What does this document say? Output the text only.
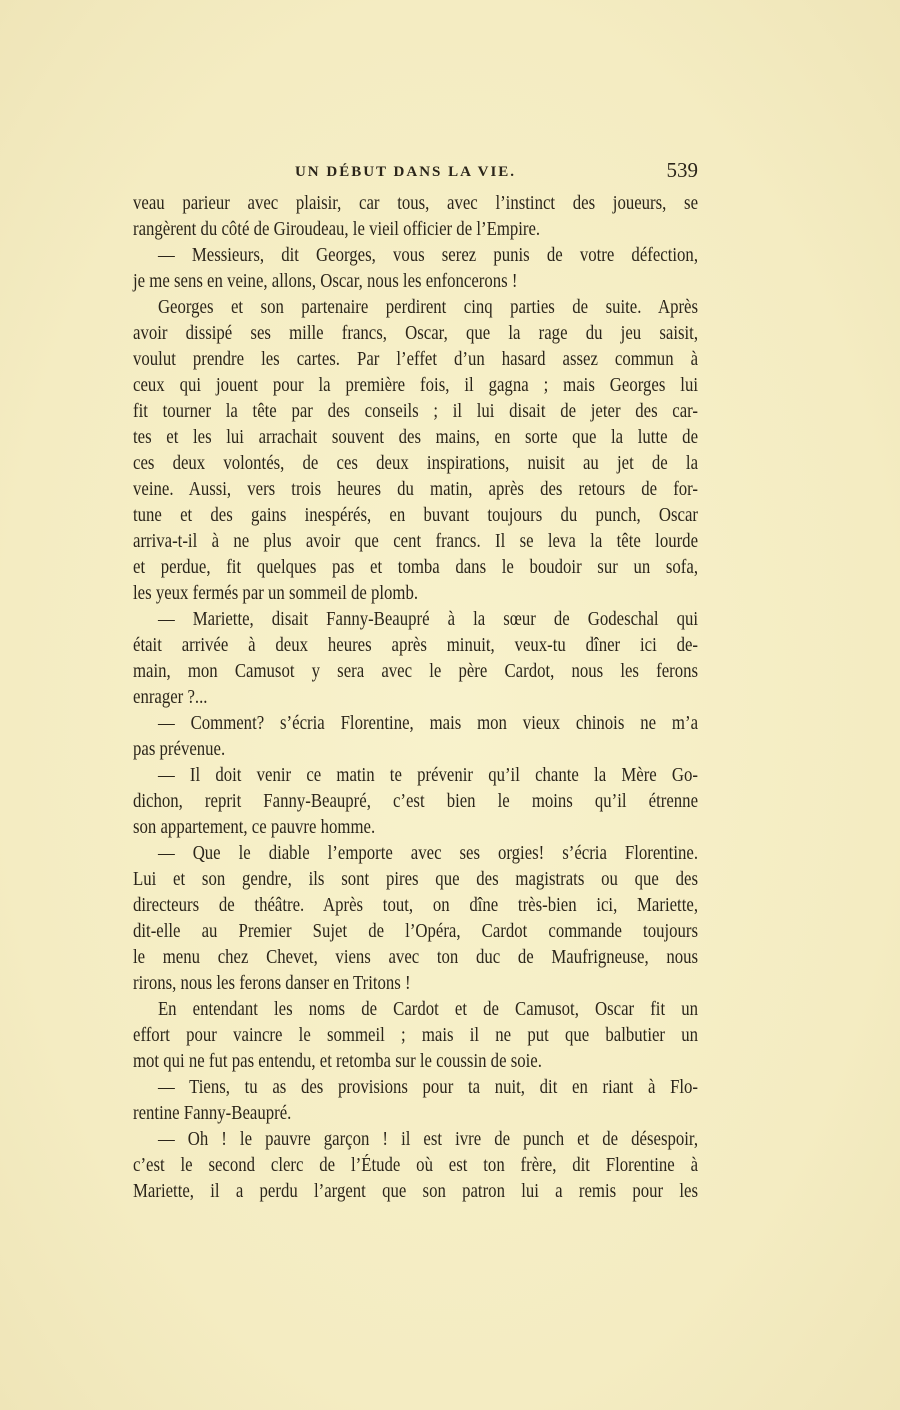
UN DÉBUT DANS LA VIE.	539
veau parieur avec plaisir, car tous, avec l’instinct des joueurs, se
rangèrent du côté de Giroudeau, le vieil officier de l’Empire.
— Messieurs, dit Georges, vous serez punis de votre défection,
je me sens en veine, allons, Oscar, nous les enfoncerons !
Georges et son partenaire perdirent cinq parties de suite. Après
avoir dissipé ses mille francs, Oscar, que la rage du jeu saisit,
voulut prendre les cartes. Par l’effet d’un hasard assez commun à
ceux qui jouent pour la première fois, il gagna ; mais Georges lui
fit tourner la tête par des conseils ; il lui disait de jeter des car-
tes et les lui arrachait souvent des mains, en sorte que la lutte de
ces deux volontés, de ces deux inspirations, nuisit au jet de la
veine. Aussi, vers trois heures du matin, après des retours de for-
tune et des gains inespérés, en buvant toujours du punch, Oscar
arriva-t-il à ne plus avoir que cent francs. Il se leva la tête lourde
et perdue, fit quelques pas et tomba dans le boudoir sur un sofa,
les yeux fermés par un sommeil de plomb.
— Mariette, disait Fanny-Beaupré à la sœur de Godeschal qui
était arrivée à deux heures après minuit, veux-tu dîner ici de-
main, mon Camusot y sera avec le père Cardot, nous les ferons
enrager ?...
— Comment? s’écria Florentine, mais mon vieux chinois ne m’a
pas prévenue.
— Il doit venir ce matin te prévenir qu’il chante la Mère Go-
dichon, reprit Fanny-Beaupré, c’est bien le moins qu’il étrenne
son appartement, ce pauvre homme.
— Que le diable l’emporte avec ses orgies! s’écria Florentine.
Lui et son gendre, ils sont pires que des magistrats ou que des
directeurs de théâtre. Après tout, on dîne très-bien ici, Mariette,
dit-elle au Premier Sujet de l’Opéra, Cardot commande toujours
le menu chez Chevet, viens avec ton duc de Maufrigneuse, nous
rirons, nous les ferons danser en Tritons !
En entendant les noms de Cardot et de Camusot, Oscar fit un
effort pour vaincre le sommeil ; mais il ne put que balbutier un
mot qui ne fut pas entendu, et retomba sur le coussin de soie.
— Tiens, tu as des provisions pour ta nuit, dit en riant à Flo-
rentine Fanny-Beaupré.
— Oh ! le pauvre garçon ! il est ivre de punch et de désespoir,
c’est le second clerc de l’Étude où est ton frère, dit Florentine à
Mariette, il a perdu l’argent que son patron lui a remis pour les
